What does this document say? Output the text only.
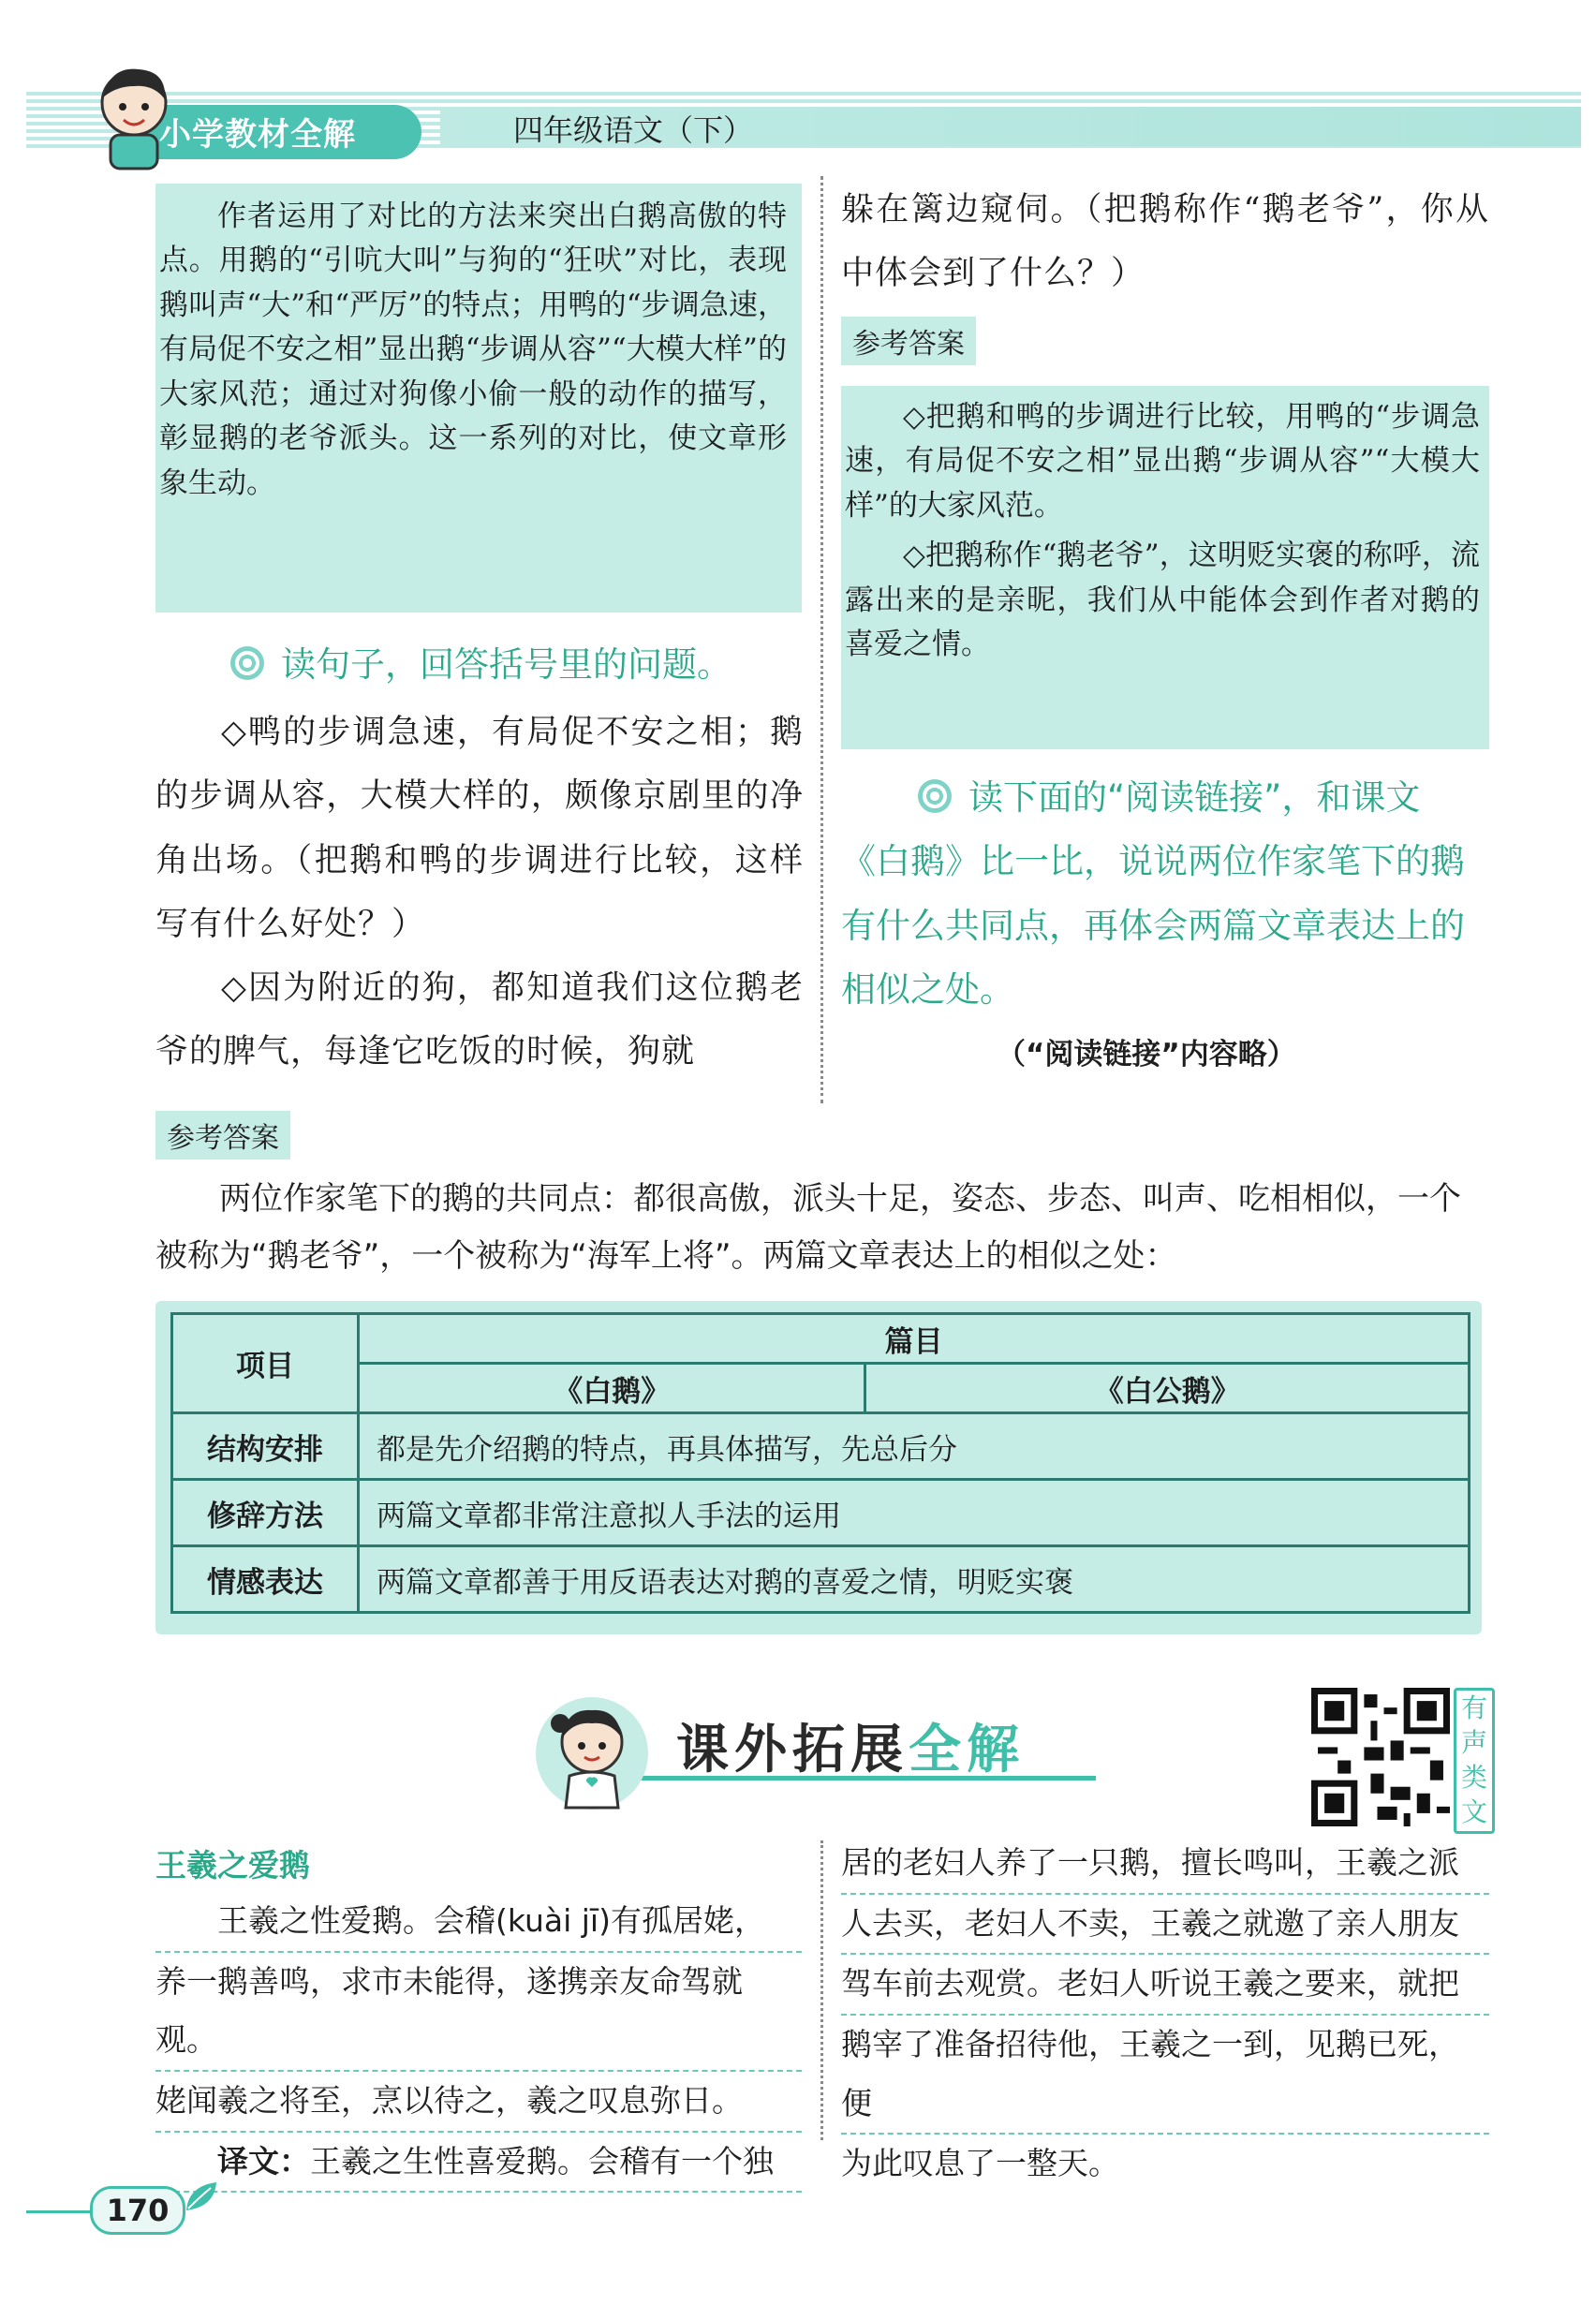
小学教材全解	四年级语文（下）
作者运用了对比的方法来突出白鹅高傲的特点。用鹅的“引吭大叫”与狗的“狂吠”对比，表现鹅叫声“大”和“严厉”的特点；用鸭的“步调急速，有局促不安之相”显出鹅“步调从容”“大模大样”的大家风范；通过对狗像小偷一般的动作的描写，彰显鹅的老爷派头。这一系列的对比，使文章形象生动。
读句子，回答括号里的问题。
◇鸭的步调急速，有局促不安之相；鹅的步调从容，大模大样的，颇像京剧里的净角出场。（把鹅和鸭的步调进行比较，这样写有什么好处？）
◇因为附近的狗，都知道我们这位鹅老爷的脾气，每逢它吃饭的时候，狗就
躲在篱边窥伺。（把鹅称作“鹅老爷”，你从中体会到了什么？）
参考答案
◇把鹅和鸭的步调进行比较，用鸭的“步调急速，有局促不安之相”显出鹅“步调从容”“大模大样”的大家风范。
◇把鹅称作“鹅老爷”，这明贬实褒的称呼，流露出来的是亲昵，我们从中能体会到作者对鹅的喜爱之情。
读下面的“阅读链接”，和课文《白鹅》比一比，说说两位作家笔下的鹅有什么共同点，再体会两篇文章表达上的相似之处。
（“阅读链接”内容略）
参考答案
两位作家笔下的鹅的共同点：都很高傲，派头十足，姿态、步态、叫声、吃相相似，一个被称为“鹅老爷”，一个被称为“海军上将”。两篇文章表达上的相似之处：
项目	篇目	
	《白鹅》	《白公鹅》
结构安排	都是先介绍鹅的特点，再具体描写，先总后分	
修辞方法	两篇文章都非常注意拟人手法的运用	
情感表达	两篇文章都善于用反语表达对鹅的喜爱之情，明贬实褒	
课外拓展全解
有声类文
王羲之爱鹅
王羲之性爱鹅。会稽(kuài jī)有孤居姥，
养一鹅善鸣，求市未能得，遂携亲友命驾就观。
姥闻羲之将至，烹以待之，羲之叹息弥日。
译文：王羲之生性喜爱鹅。会稽有一个独
居的老妇人养了一只鹅，擅长鸣叫，王羲之派
人去买，老妇人不卖，王羲之就邀了亲人朋友
驾车前去观赏。老妇人听说王羲之要来，就把
鹅宰了准备招待他，王羲之一到，见鹅已死，便
为此叹息了一整天。
170
